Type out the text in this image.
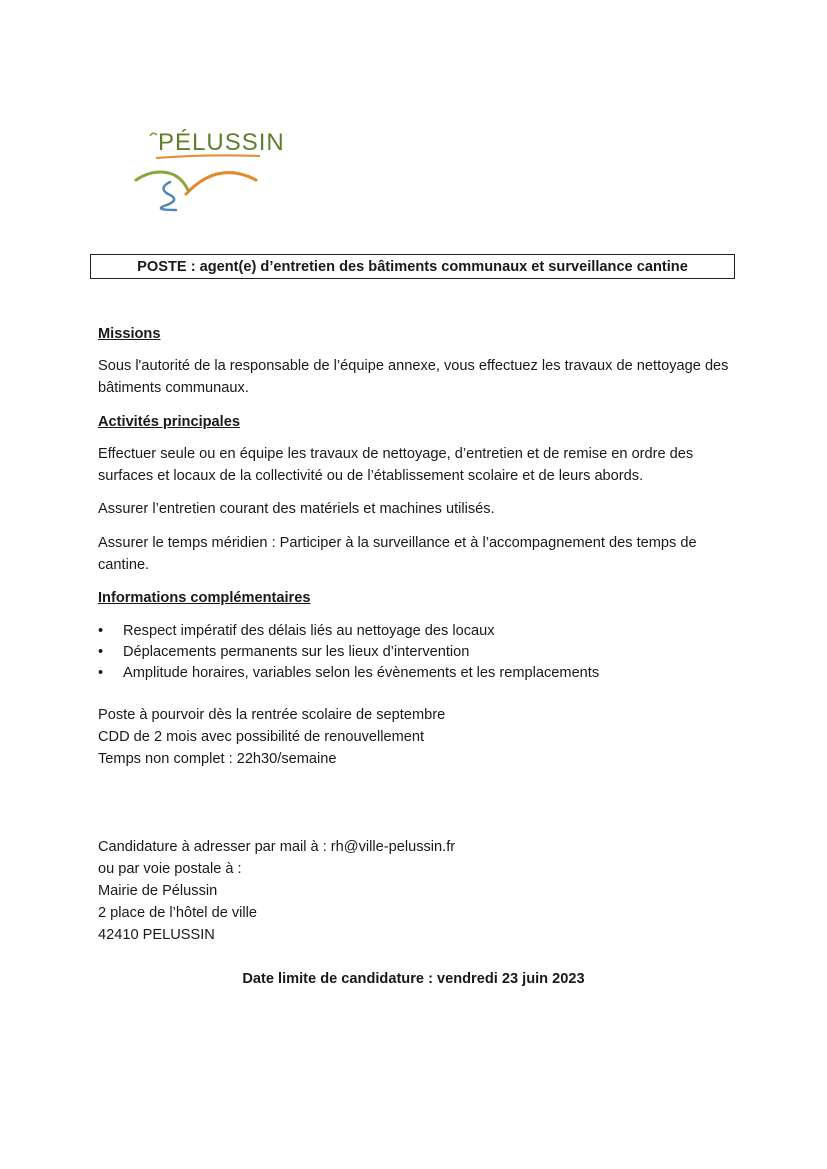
PÉLUSSIN
POSTE : agent(e) d’entretien des bâtiments communaux et surveillance cantine
Missions
Sous l'autorité de la responsable de l’équipe annexe, vous effectuez les travaux de nettoyage des bâtiments communaux.
Activités principales
Effectuer seule ou en équipe les travaux de nettoyage, d’entretien et de remise en ordre des surfaces et locaux de la collectivité ou de l’établissement scolaire et de leurs abords.
Assurer l’entretien courant des matériels et machines utilisés.
Assurer le temps méridien : Participer à la surveillance et à l’accompagnement des temps de cantine.
Informations complémentaires
•	Respect impératif des délais liés au nettoyage des locaux
•	Déplacements permanents sur les lieux d’intervention
•	Amplitude horaires, variables selon les évènements et les remplacements
Poste à pourvoir dès la rentrée scolaire de septembre
CDD de 2 mois avec possibilité de renouvellement
Temps non complet : 22h30/semaine
Candidature à adresser par mail à : rh@ville-pelussin.fr
ou par voie postale à :
Mairie de Pélussin
2 place de l’hôtel de ville
42410 PELUSSIN
Date limite de candidature : vendredi 23 juin 2023
